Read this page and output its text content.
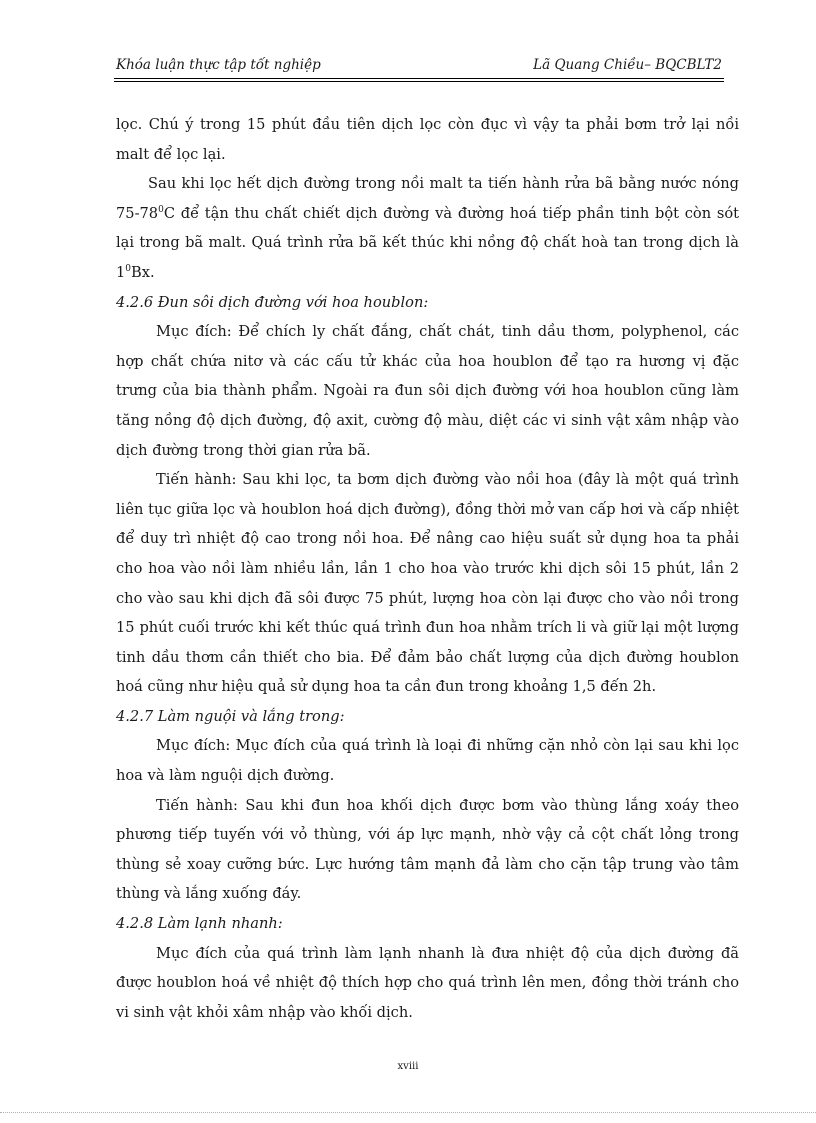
Khóa luận thực tập tốt nghiệp	Lã Quang Chiều– BQCBLT2

lọc. Chú ý trong 15 phút đầu tiên dịch lọc còn đục vì vậy ta phải bơm trở lại nồi malt để lọc lại.

Sau khi lọc hết dịch đường trong nồi malt ta tiến hành rửa bã bằng nước nóng $75-78^0C$ để tận thu chất chiết dịch đường và đường hoá tiếp phần tinh bột còn sót lại trong bã malt. Quá trình rửa bã kết thúc khi nồng độ chất hoà tan trong dịch là $1^0Bx$.

4.2.6 Đun sôi dịch đường với hoa houblon:

Mục đích: Để chích ly chất đắng, chất chát, tinh dầu thơm, polyphenol, các hợp chất chứa nitơ và các cấu tử khác của hoa houblon để tạo ra hương vị đặc trưng của bia thành phẩm. Ngoài ra đun sôi dịch đường với hoa houblon cũng làm tăng nồng độ dịch đường, độ axit, cường độ màu, diệt các vi sinh vật xâm nhập vào dịch đường trong thời gian rửa bã.

Tiến hành: Sau khi lọc, ta bơm dịch đường vào nồi hoa (đây là một quá trình liên tục giữa lọc và houblon hoá dịch đường), đồng thời mở van cấp hơi và cấp nhiệt để duy trì nhiệt độ cao trong nồi hoa. Để nâng cao hiệu suất sử dụng hoa ta phải cho hoa vào nồi làm nhiều lần, lần 1 cho hoa vào trước khi dịch sôi 15 phút, lần 2 cho vào sau khi dịch đã sôi được 75 phút, lượng hoa còn lại được cho vào nồi trong 15 phút cuối trước khi kết thúc quá trình đun hoa nhằm trích li và giữ lại một lượng tinh dầu thơm cần thiết cho bia. Để đảm bảo chất lượng của dịch đường houblon hoá cũng như hiệu quả sử dụng hoa ta cần đun trong khoảng 1,5 đến 2h.

4.2.7 Làm nguội và lắng trong:

Mục đích: Mục đích của quá trình là loại đi những cặn nhỏ còn lại sau khi lọc hoa và làm nguội dịch đường.

Tiến hành: Sau khi đun hoa khối dịch được bơm vào thùng lắng xoáy theo phương tiếp tuyến với vỏ thùng, với áp lực mạnh, nhờ vậy cả cột chất lỏng trong thùng sẻ xoay cưỡng bức. Lực hướng tâm mạnh đả làm cho cặn tập trung vào tâm thùng và lắng xuống đáy.

4.2.8 Làm lạnh nhanh:

Mục đích của quá trình làm lạnh nhanh là đưa nhiệt độ của dịch đường đã được houblon hoá về nhiệt độ thích hợp cho quá trình lên men, đồng thời tránh cho vi sinh vật khỏi xâm nhập vào khối dịch.

xviii
